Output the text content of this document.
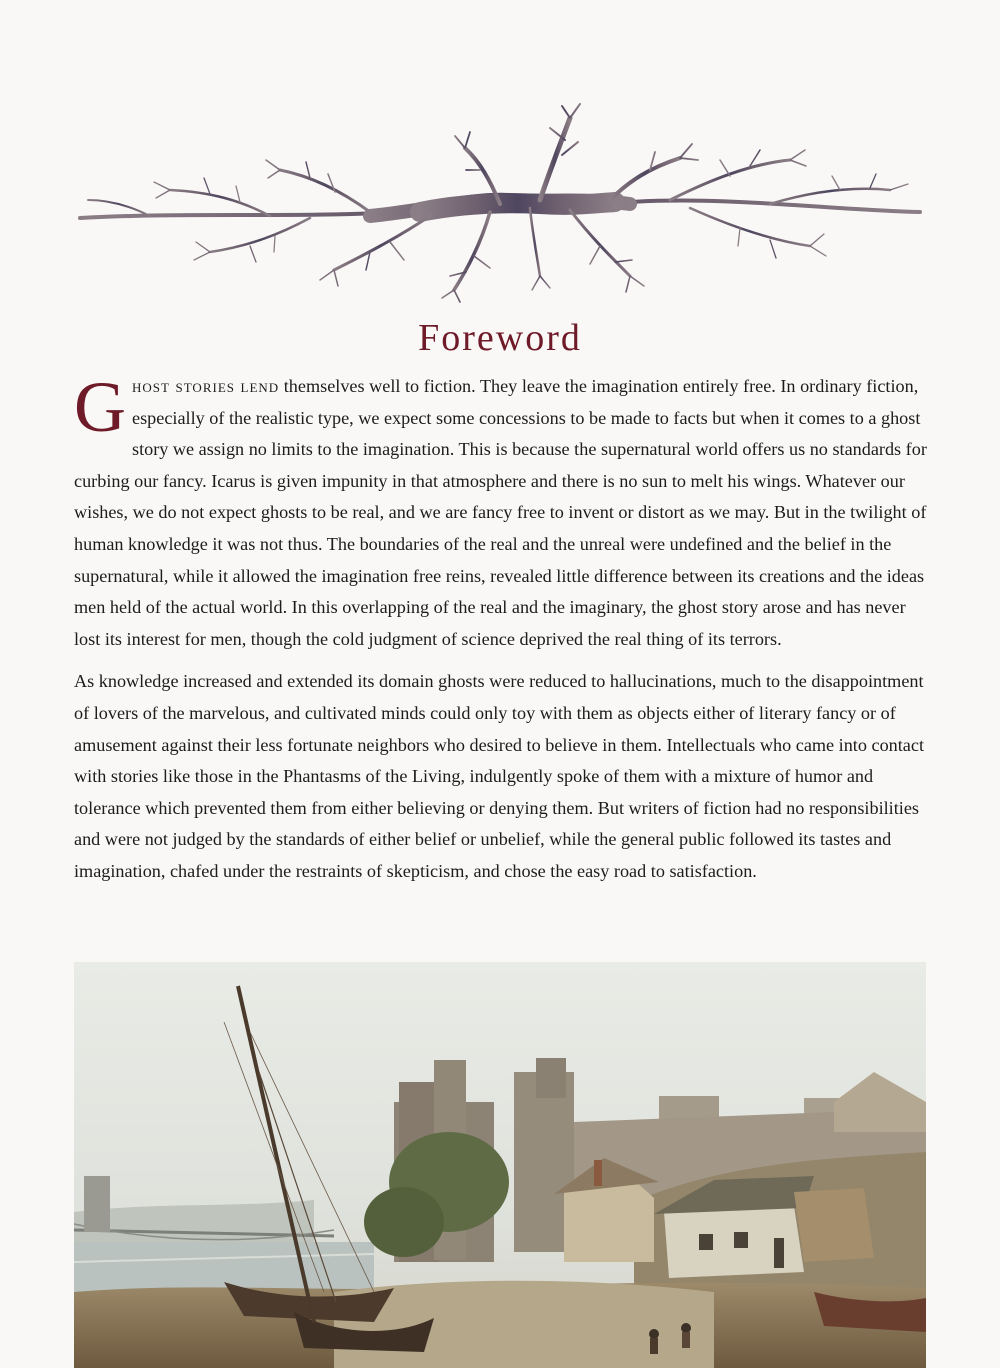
Foreword

Ghost stories lend themselves well to fiction. They leave the imagination entirely free. In ordinary fiction, especially of the realistic type, we expect some concessions to be made to facts but when it comes to a ghost story we assign no limits to the imagination. This is because the supernatural world offers us no standards for curbing our fancy. Icarus is given impunity in that atmosphere and there is no sun to melt his wings. Whatever our wishes, we do not expect ghosts to be real, and we are fancy free to invent or distort as we may. But in the twilight of human knowledge it was not thus. The boundaries of the real and the unreal were undefined and the belief in the supernatural, while it allowed the imagination free reins, revealed little difference between its creations and the ideas men held of the actual world. In this overlapping of the real and the imaginary, the ghost story arose and has never lost its interest for men, though the cold judgment of science deprived the real thing of its terrors.

As knowledge increased and extended its domain ghosts were reduced to hallucinations, much to the disappointment of lovers of the marvelous, and cultivated minds could only toy with them as objects either of literary fancy or of amusement against their less fortunate neighbors who desired to believe in them. Intellectuals who came into contact with stories like those in the Phantasms of the Living, indulgently spoke of them with a mixture of humor and tolerance which prevented them from either believing or denying them. But writers of fiction had no responsibilities and were not judged by the standards of either belief or unbelief, while the general public followed its tastes and imagination, chafed under the restraints of skepticism, and chose the easy road to satisfaction.
